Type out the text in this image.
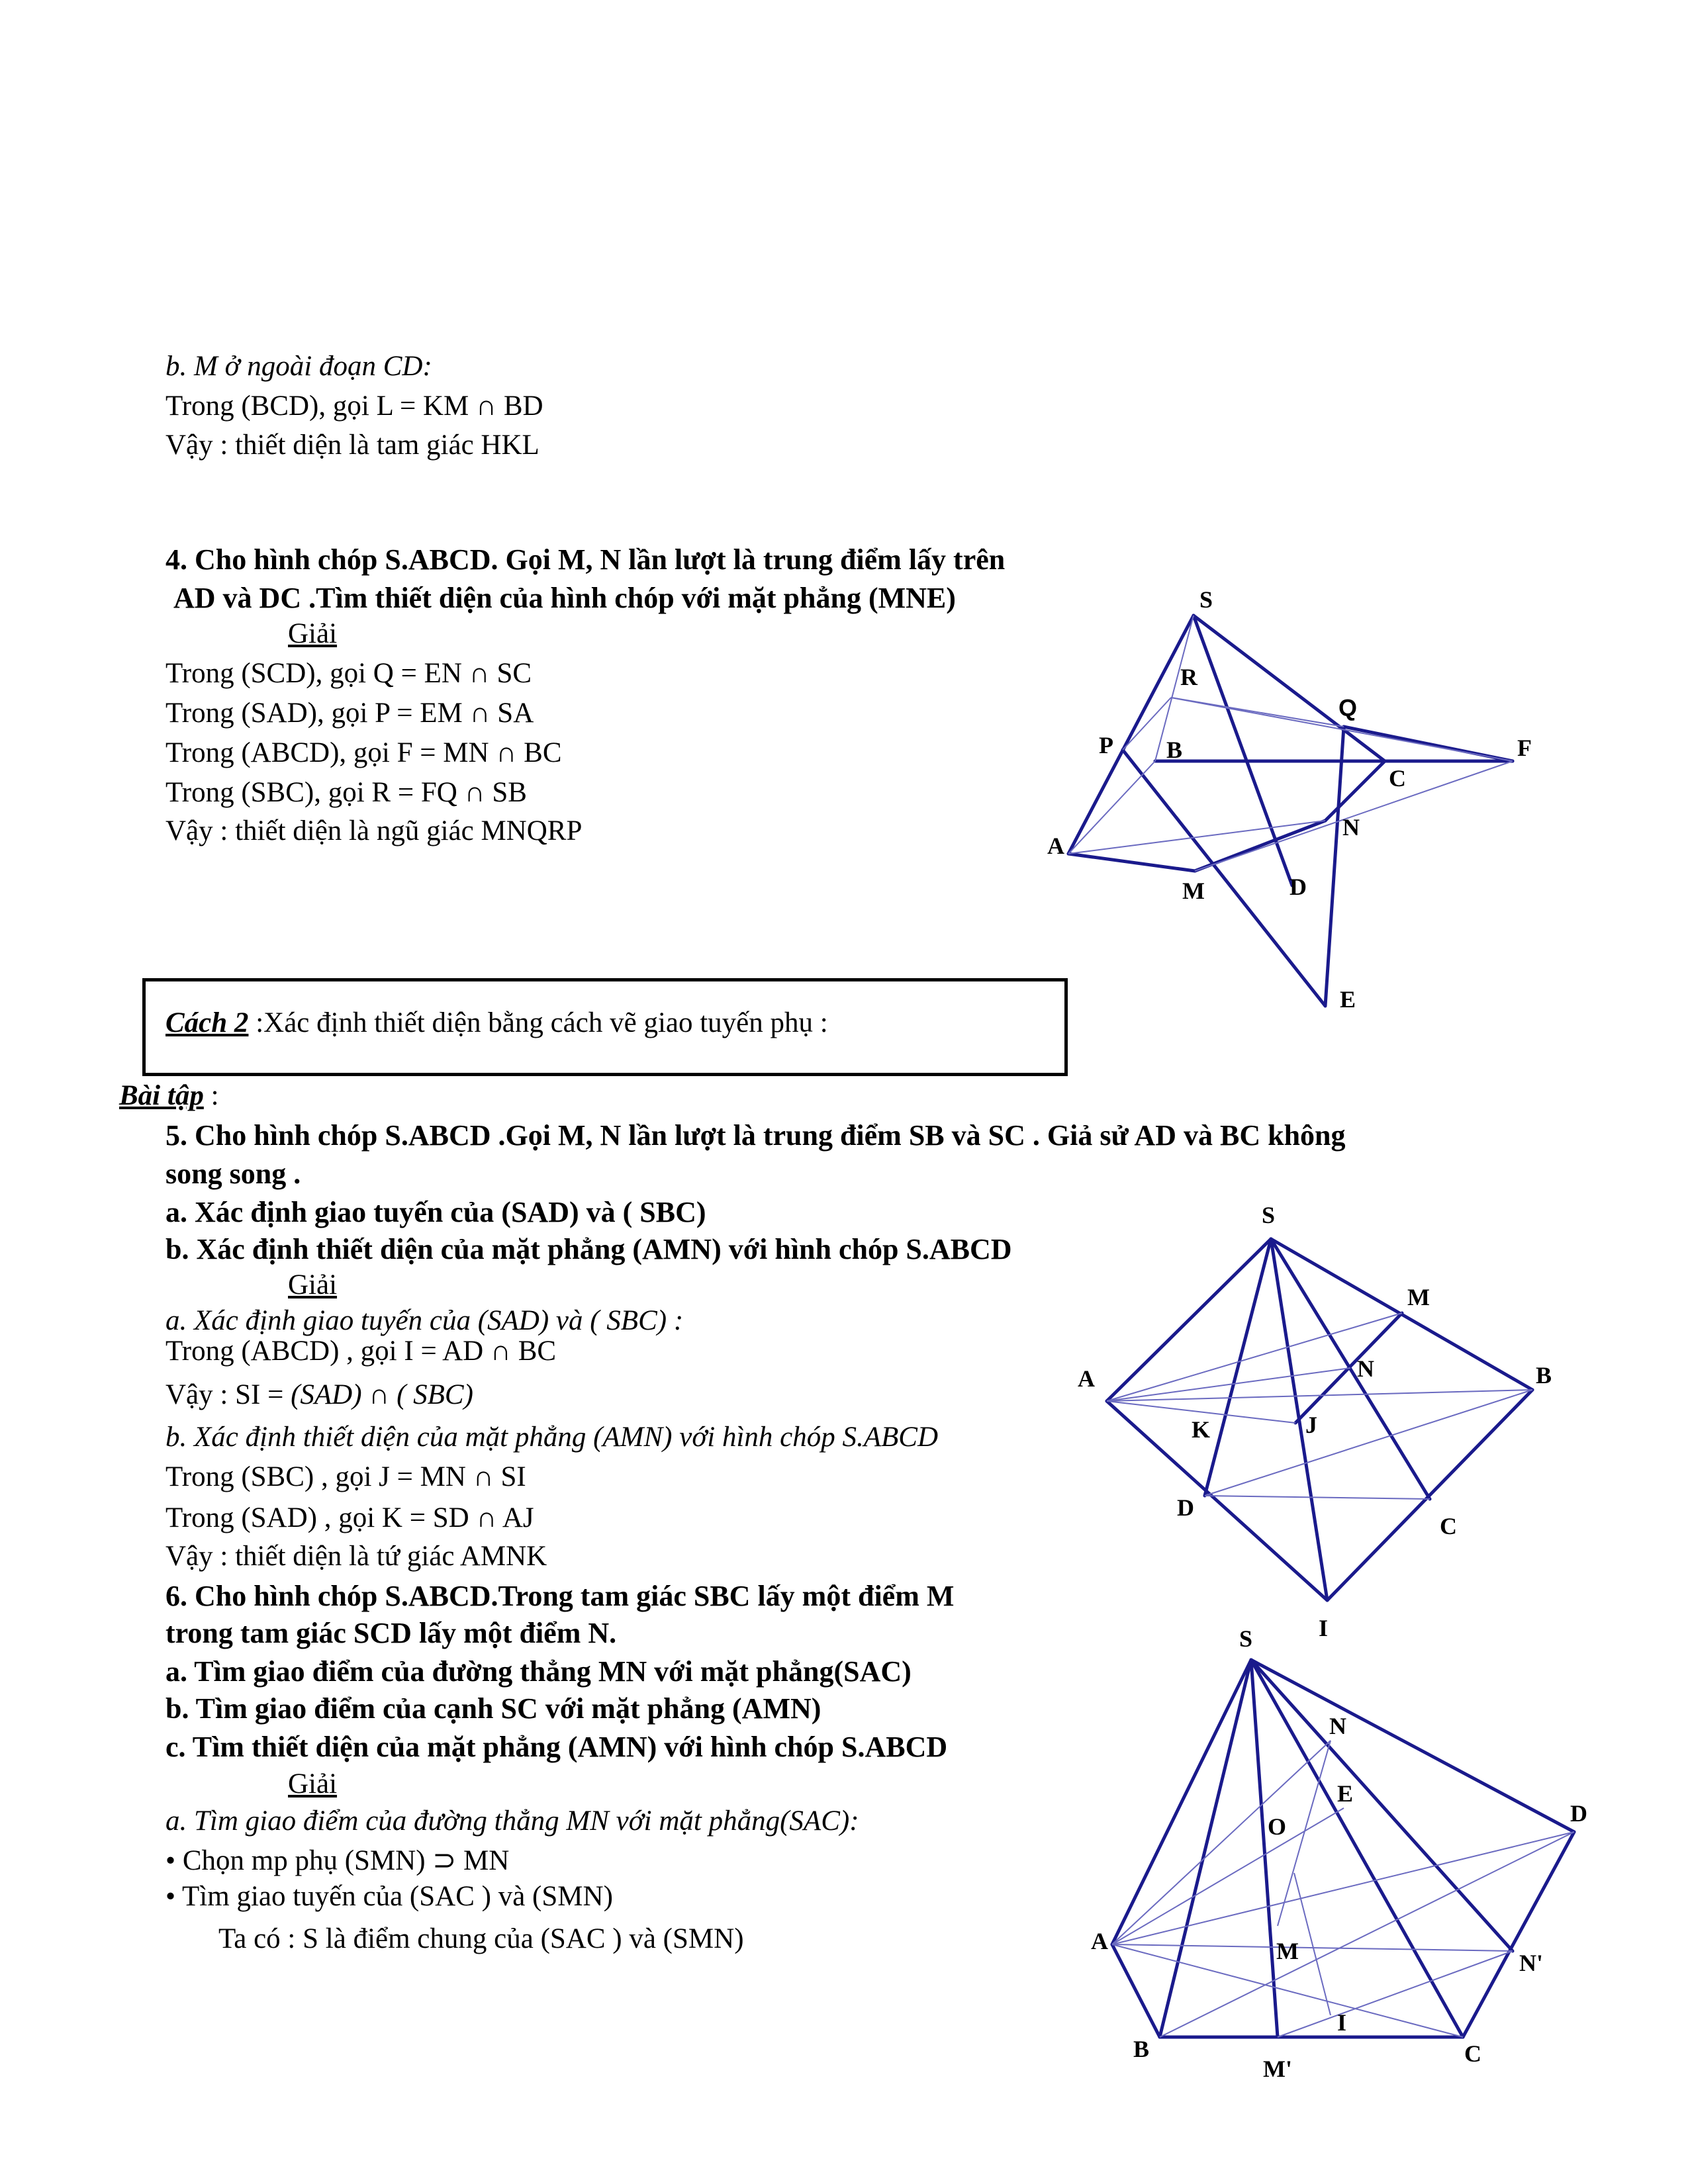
b. M ở ngoài đoạn CD:
Trong (BCD), gọi L = KM ∩ BD
Vậy : thiết diện là tam giác HKL
4. Cho hình chóp S.ABCD. Gọi M, N lần lượt là trung điểm lấy trên
AD và DC .Tìm thiết diện của hình chóp với mặt phẳng (MNE)
Giải
Trong (SCD), gọi Q = EN ∩ SC
Trong (SAD), gọi P = EM ∩ SA
Trong (ABCD), gọi F = MN ∩ BC
Trong (SBC), gọi R = FQ ∩ SB
Vậy : thiết diện là ngũ giác MNQRP
S
R
Q
P B	F
C
N
A
M	D
E
Cách 2 :Xác định thiết diện bằng cách vẽ giao tuyến phụ :
Bài tập :
5. Cho hình chóp S.ABCD .Gọi M, N lần lượt là trung điểm SB và SC . Giả sử AD và BC không
song song .
a. Xác định giao tuyến của (SAD) và ( SBC)
b. Xác định thiết diện của mặt phẳng (AMN) với hình chóp S.ABCD
Giải
a. Xác định giao tuyến của (SAD) và ( SBC) :
Trong (ABCD) , gọi I = AD ∩ BC
Vậy : SI = (SAD) ∩ ( SBC)
b. Xác định thiết diện của mặt phẳng (AMN) với hình chóp S.ABCD
Trong (SBC) , gọi J = MN ∩ SI
Trong (SAD) , gọi K = SD ∩ AJ
Vậy : thiết diện là tứ giác AMNK
S
M
A	N	B
K	J
D
C
I
6. Cho hình chóp S.ABCD.Trong tam giác SBC lấy một điểm M
trong tam giác SCD lấy một điểm N.
a. Tìm giao điểm của đường thẳng MN với mặt phẳng(SAC)
b. Tìm giao điểm của cạnh SC với mặt phẳng (AMN)
c. Tìm thiết diện của mặt phẳng (AMN) với hình chóp S.ABCD
Giải
a. Tìm giao điểm của đường thẳng MN với mặt phẳng(SAC):
• Chọn mp phụ (SMN) ⊃ MN
• Tìm giao tuyến của (SAC ) và (SMN)
Ta có : S là điểm chung của (SAC ) và (SMN)
S
N
E
D
O
A	M	N'
I
B
M'
C
